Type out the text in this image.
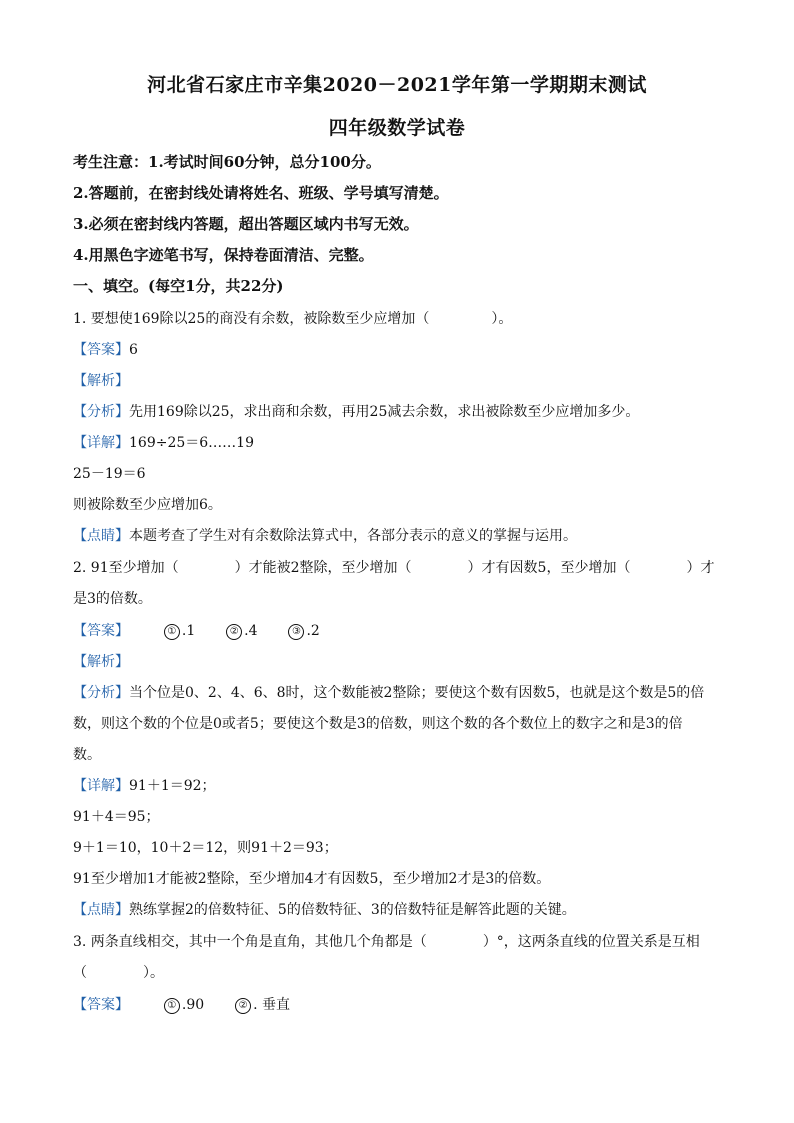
河北省石家庄市辛集2020－2021学年第一学期期末测试
四年级数学试卷
考生注意：1.考试时间60分钟，总分100分。
2.答题前，在密封线处请将姓名、班级、学号填写清楚。
3.必须在密封线内答题，超出答题区域内书写无效。
4.用黑色字迹笔书写，保持卷面清洁、完整。
一、填空。(每空1分，共22分)
1. 要想使169除以25的商没有余数，被除数至少应增加（	）。
【答案】6
【解析】
【分析】先用169除以25，求出商和余数，再用25减去余数，求出被除数至少应增加多少。
【详解】169÷25＝6……19
25－19＝6
则被除数至少应增加6。
【点睛】本题考查了学生对有余数除法算式中，各部分表示的意义的掌握与运用。
2. 91至少增加（	）才能被2整除，至少增加（	）才有因数5，至少增加（	）才
是3的倍数。
【答案】	① .1	② .4	③ .2
【解析】
【分析】当个位是0、2、4、6、8时，这个数能被2整除；要使这个数有因数5，也就是这个数是5的倍
数，则这个数的个位是0或者5；要使这个数是3的倍数，则这个数的各个数位上的数字之和是3的倍
数。
【详解】91＋1＝92；
91＋4＝95；
9＋1＝10，10＋2＝12，则91＋2＝93；
91至少增加1才能被2整除，至少增加4才有因数5，至少增加2才是3的倍数。
【点睛】熟练掌握2的倍数特征、5的倍数特征、3的倍数特征是解答此题的关键。
3. 两条直线相交，其中一个角是直角，其他几个角都是（	）°，这两条直线的位置关系是互相
（	）。
【答案】	① .90	② . 垂直
